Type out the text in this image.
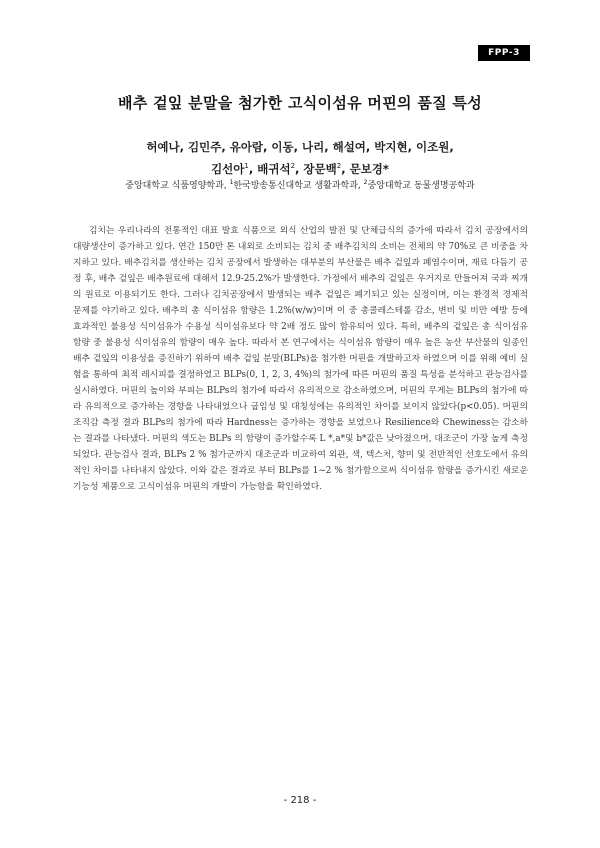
FPP-3
배추 겉잎 분말을 첨가한 고식이섬유 머핀의 품질 특성
허예나, 김민주, 유아람, 이동, 나리, 해설여, 박지현, 이조원,
김선아$^1$, 배귀석$^2$, 장문백$^2$, 문보경*
중앙대학교 식품영양학과, $^1$한국방송통신대학교 생활과학과, $^2$중앙대학교 동물생명공학과

김치는 우리나라의 전통적인 대표 발효 식품으로 외식 산업의 발전 및 단체급식의 증가에 따라서 김치 공장에서의 대량생산이 증가하고 있다. 연간 150만 톤 내외로 소비되는 김치 중 배추김치의 소비는 전체의 약 70%로 큰 비중을 차지하고 있다. 배추김치를 생산하는 김치 공장에서 발생하는 대부분의 부산물은 배추 겉잎과 폐염수이며, 재료 다듬기 공정 후, 배추 겉잎은 배추원료에 대해서 12.9-25.2%가 발생한다. 가정에서 배추의 겉잎은 우거지로 만들어져 국과 찌개의 원료로 이용되기도 한다. 그러나 김치공장에서 발생되는 배추 겉잎은 폐기되고 있는 실정이며, 이는 환경적 경제적 문제를 야기하고 있다. 배추의 총 식이섬유 함량은 1.2%(w/w)이며 이 중 총콜레스테롤 감소, 변비 및 비만 예방 등에 효과적인 불용성 식이섬유가 수용성 식이섬유보다 약 2배 정도 많이 함유되어 있다. 특히, 배추의 겉잎은 총 식이섬유 함량 중 불용성 식이섬유의 함량이 매우 높다. 따라서 본 연구에서는 식이섬유 함량이 매우 높은 농산 부산물의 일종인 배추 겉잎의 이용성을 증진하기 위하여 배추 겉잎 분말(BLPs)을 첨가한 머핀을 개발하고자 하였으며 이를 위해 예비 실험을 통하여 최적 레시피를 결정하였고 BLPs(0, 1, 2, 3, 4%)의 첨가에 따른 머핀의 품질 특성을 분석하고 관능검사를 실시하였다. 머핀의 높이와 부피는 BLPs의 첨가에 따라서 유의적으로 감소하였으며, 머핀의 무게는 BLPs의 첨가에 따라 유의적으로 증가하는 경향을 나타내었으나 굽임성 및 대칭성에는 유의적인 차이를 보이지 않았다(p<0.05). 머핀의 조직감 측정 결과 BLPs의 첨가에 따라 Hardness는 증가하는 경향을 보였으나 Resilience와 Chewiness는 감소하는 결과를 나타냈다. 머핀의 색도는 BLPs 의 함량이 증가할수록 L *,a*및 b*값은 낮아졌으며, 대조군이 가장 높게 측정되었다. 관능검사 결과, BLPs 2 % 첨가군까지 대조군과 비교하여 외관, 색, 텍스처, 향미 및 전반적인 선호도에서 유의적인 차이를 나타내지 않았다. 이와 같은 결과로 부터 BLPs를 1~2 % 첨가함으로써 식이섬유 함량을 증가시킨 새로운 기능성 제품으로 고식이섬유 머핀의 개발이 가능함을 확인하였다.

- 218 -
